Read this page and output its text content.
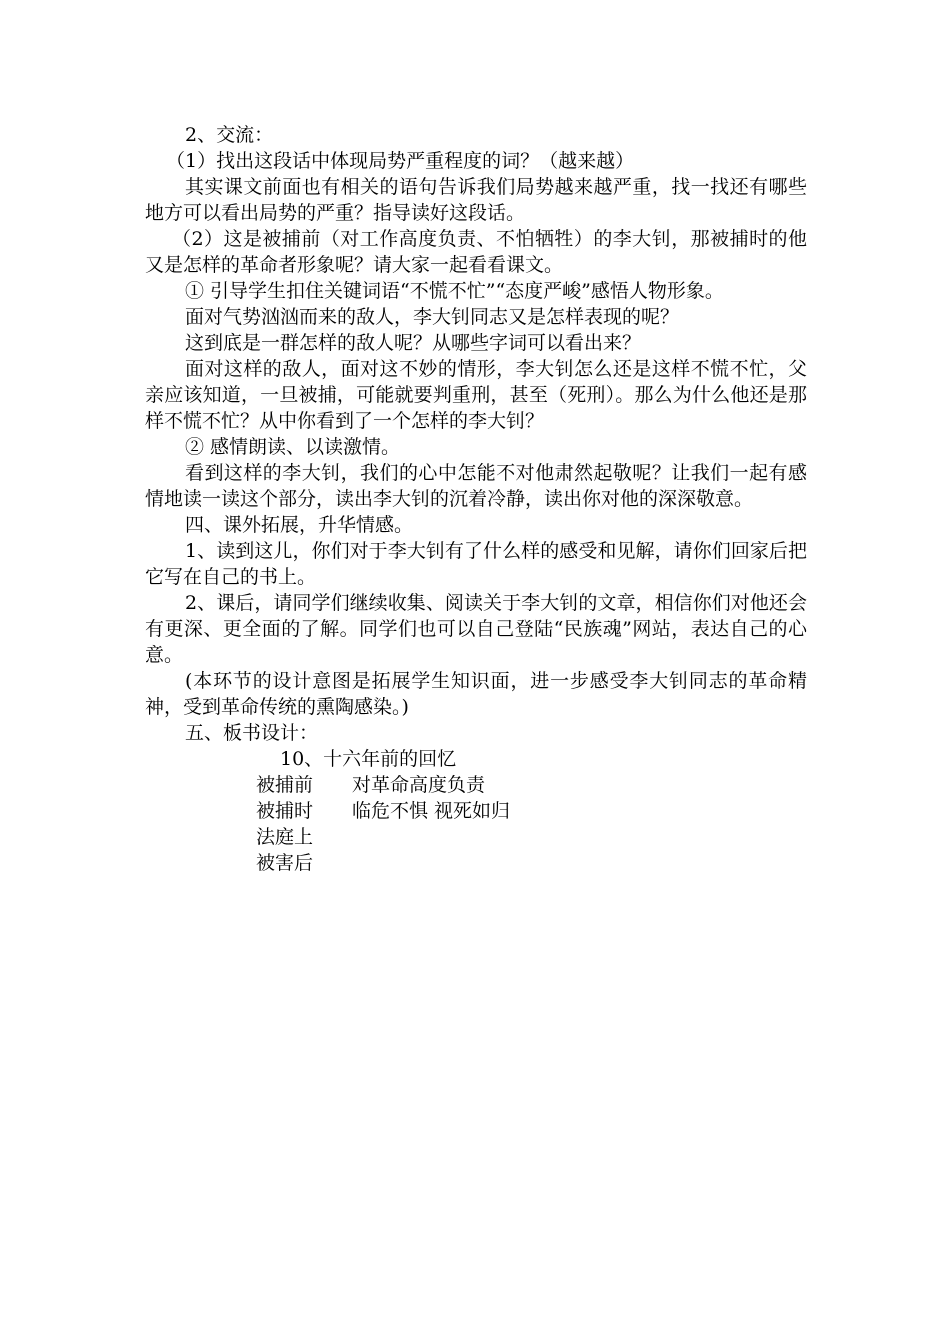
2、交流：

（1）找出这段话中体现局势严重程度的词？（越来越）

其实课文前面也有相关的语句告诉我们局势越来越严重，找一找还有哪些地方可以看出局势的严重？指导读好这段话。

（2）这是被捕前（对工作高度负责、不怕牺牲）的李大钊，那被捕时的他又是怎样的革命者形象呢？请大家一起看看课文。

① 引导学生扣住关键词语“不慌不忙”“态度严峻”感悟人物形象。

面对气势汹汹而来的敌人，李大钊同志又是怎样表现的呢？

这到底是一群怎样的敌人呢？从哪些字词可以看出来？

面对这样的敌人，面对这不妙的情形，李大钊怎么还是这样不慌不忙，父亲应该知道，一旦被捕，可能就要判重刑，甚至（死刑）。那么为什么他还是那样不慌不忙？从中你看到了一个怎样的李大钊？

② 感情朗读、以读激情。

看到这样的李大钊，我们的心中怎能不对他肃然起敬呢？让我们一起有感情地读一读这个部分，读出李大钊的沉着冷静，读出你对他的深深敬意。

四、课外拓展，升华情感。

1、读到这儿，你们对于李大钊有了什么样的感受和见解，请你们回家后把它写在自己的书上。

2、课后，请同学们继续收集、阅读关于李大钊的文章，相信你们对他还会有更深、更全面的了解。同学们也可以自己登陆“民族魂”网站，表达自己的心意。

(本环节的设计意图是拓展学生知识面，进一步感受李大钊同志的革命精神，受到革命传统的熏陶感染。)

五、板书设计：

10、十六年前的回忆
被捕前	对革命高度负责
被捕时	临危不惧 视死如归
法庭上
被害后
